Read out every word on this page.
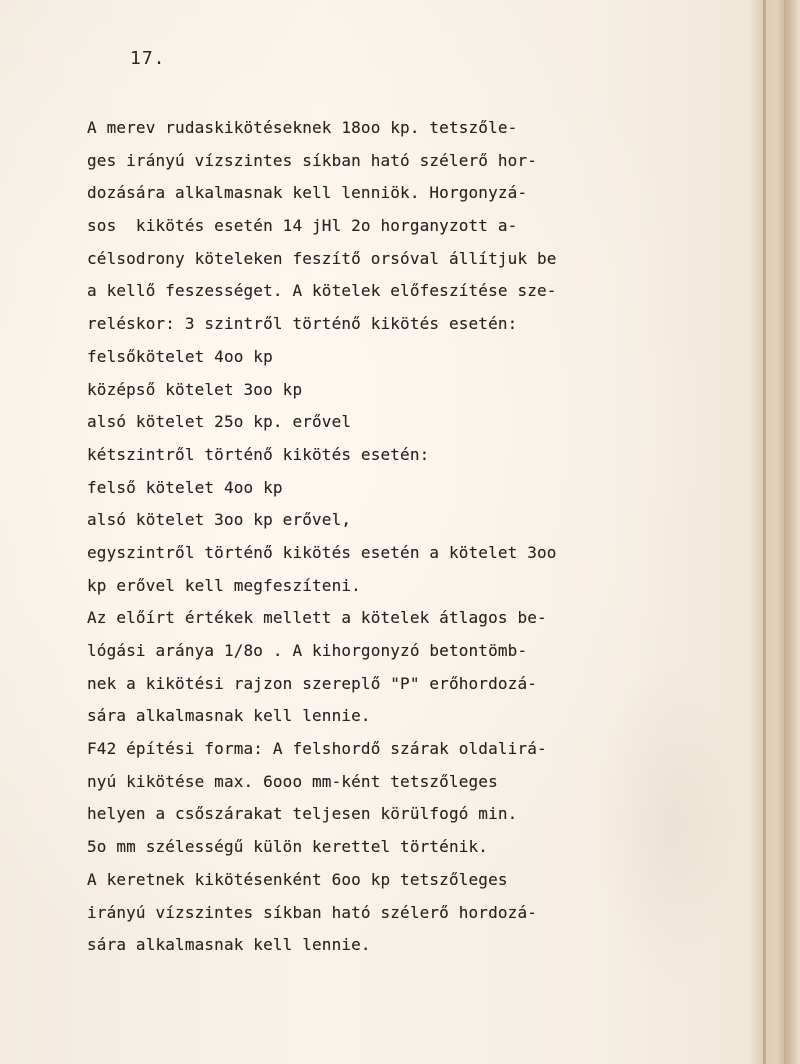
17.
A merev rudaskikötéseknek 18oo kp. tetszőle-
ges irányú vízszintes síkban ható szélerő hor-
dozására alkalmasnak kell lenniök. Horgonyzá-
sos  kikötés esetén 14 jHl 2o horganyzott a-
célsodrony köteleken feszítő orsóval állítjuk be
a kellő feszességet. A kötelek előfeszítése sze-
reléskor: 3 szintről történő kikötés esetén:
felsőkötelet 4oo kp
középső kötelet 3oo kp
alsó kötelet 25o kp. erővel
kétszintről történő kikötés esetén:
felső kötelet 4oo kp
alsó kötelet 3oo kp erővel,
egyszintről történő kikötés esetén a kötelet 3oo
kp erővel kell megfeszíteni.
Az előírt értékek mellett a kötelek átlagos be-
lógási aránya 1/8o . A kihorgonyzó betontömb-
nek a kikötési rajzon szereplő "P" erőhordozá-
sára alkalmasnak kell lennie.
F42 építési forma: A felshordő szárak oldalirá-
nyú kikötése max. 6ooo mm-ként tetszőleges
helyen a csőszárakat teljesen körülfogó min.
5o mm szélességű külön kerettel történik.
A keretnek kikötésenként 6oo kp tetszőleges
irányú vízszintes síkban ható szélerő hordozá-
sára alkalmasnak kell lennie.
